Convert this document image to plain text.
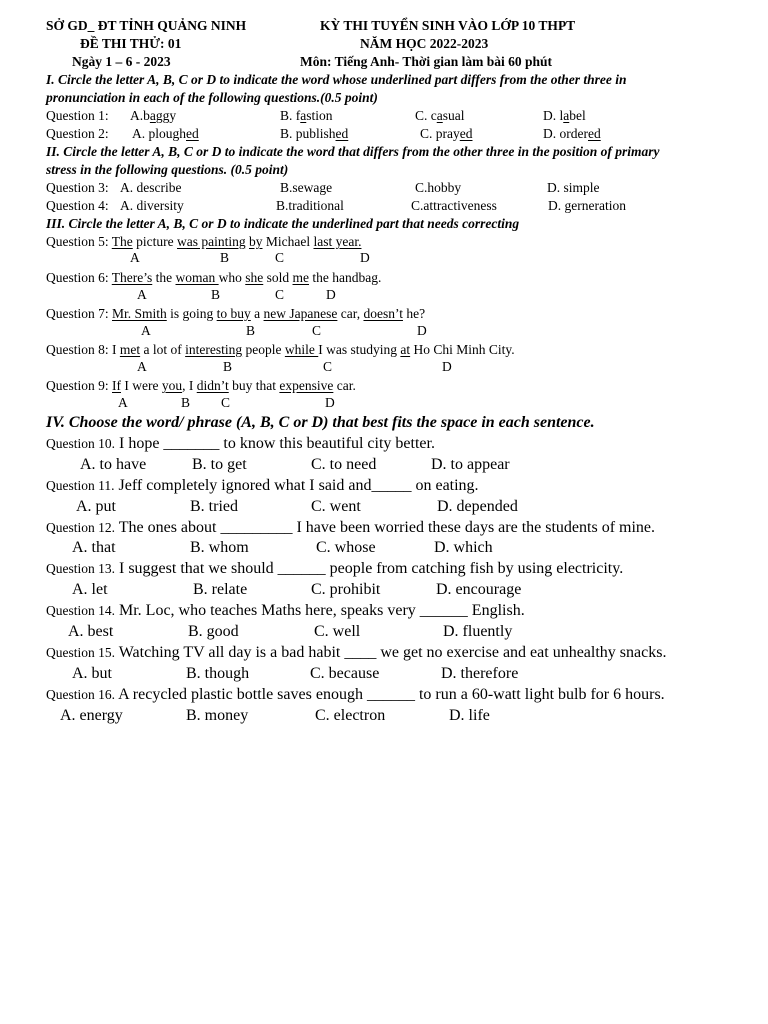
SỞ GD_ ĐT TỈNH QUẢNG NINH	KỲ THI TUYỂN SINH VÀO LỚP 10 THPT
ĐỀ THI THỬ: 01	NĂM HỌC 2022-2023
Ngày 1 – 6 - 2023	Môn: Tiếng Anh- Thời gian làm bài 60 phút
I. Circle the letter A, B, C or D to indicate the word whose underlined part differs from the other three in
pronunciation in each of the following questions.(0.5 point)
Question 1: A.baggy	B. fastion	C. casual	D. label
Question 2: A. ploughed	B. published	C. prayed	D. ordered
II. Circle the letter A, B, C or D to indicate the word that differs from the other three in the position of primary
stress in the following questions. (0.5 point)
Question 3: A. describe	B.sewage	C.hobby	D. simple
Question 4: A. diversity	B.traditional	C.attractiveness	D. gerneration
III. Circle the letter A, B, C or D to indicate the underlined part that needs correcting
Question 5: The picture was painting by Michael last year.
A	B	C	D
Question 6: There’s the woman who she sold me the handbag.
A	B	C	D
Question 7: Mr. Smith is going to buy a new Japanese car, doesn’t he?
A	B	C	D
Question 8: I met a lot of interesting people while I was studying at Ho Chi Minh City.
A	B	C	D
Question 9: If I were you, I didn’t buy that expensive car.
A	B C	D
IV. Choose the word/ phrase (A, B, C or D) that best fits the space in each sentence.
Question 10. I hope _______ to know this beautiful city better.
A. to have	B. to get	C. to need	D. to appear
Question 11. Jeff completely ignored what I said and_____ on eating.
A. put	B. tried	C. went	D. depended
Question 12. The ones about _________ I have been worried these days are the students of mine.
A. that	B. whom	C. whose	D. which
Question 13. I suggest that we should ______ people from catching fish by using electricity.
A. let	B. relate	C. prohibit	D. encourage
Question 14. Mr. Loc, who teaches Maths here, speaks very ______ English.
A. best	B. good	C. well	D. fluently
Question 15. Watching TV all day is a bad habit ____ we get no exercise and eat unhealthy snacks.
A. but	B. though	C. because	D. therefore
Question 16. A recycled plastic bottle saves enough ______ to run a 60-watt light bulb for 6 hours.
A. energy	B. money	C. electron	D. life
